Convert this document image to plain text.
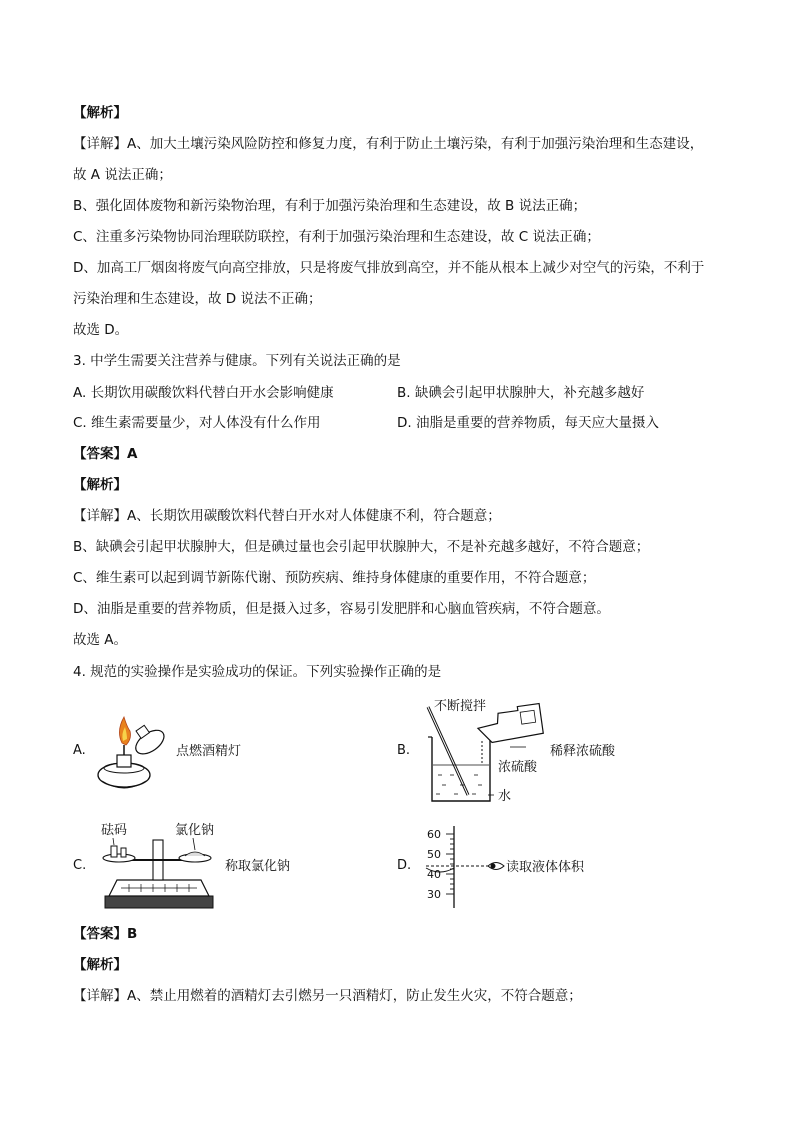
【解析】
【详解】A、加大土壤污染风险防控和修复力度，有利于防止土壤污染，有利于加强污染治理和生态建设，
故 A 说法正确；
B、强化固体废物和新污染物治理，有利于加强污染治理和生态建设，故 B 说法正确；
C、注重多污染物协同治理联防联控，有利于加强污染治理和生态建设，故 C 说法正确；
D、加高工厂烟囱将废气向高空排放，只是将废气排放到高空，并不能从根本上减少对空气的污染，不利于
污染治理和生态建设，故 D 说法不正确；
故选 D。
3. 中学生需要关注营养与健康。下列有关说法正确的是
A. 长期饮用碳酸饮料代替白开水会影响健康	B. 缺碘会引起甲状腺肿大，补充越多越好
C. 维生素需要量少，对人体没有什么作用	D. 油脂是重要的营养物质，每天应大量摄入
【答案】A
【解析】
【详解】A、长期饮用碳酸饮料代替白开水对人体健康不利，符合题意；
B、缺碘会引起甲状腺肿大，但是碘过量也会引起甲状腺肿大，不是补充越多越好，不符合题意；
C、维生素可以起到调节新陈代谢、预防疾病、维持身体健康的重要作用，不符合题意；
D、油脂是重要的营养物质，但是摄入过多，容易引发肥胖和心脑血管疾病，不符合题意。
故选 A。
4. 规范的实验操作是实验成功的保证。下列实验操作正确的是
A.	点燃酒精灯	B.
不断搅拌
稀释浓硫酸
浓硫酸
水
C.
砝码	氯化钠
称取氯化钠	D.
60
50
40
30
读取液体体积
【答案】B
【解析】
【详解】A、禁止用燃着的酒精灯去引燃另一只酒精灯，防止发生火灾，不符合题意；
